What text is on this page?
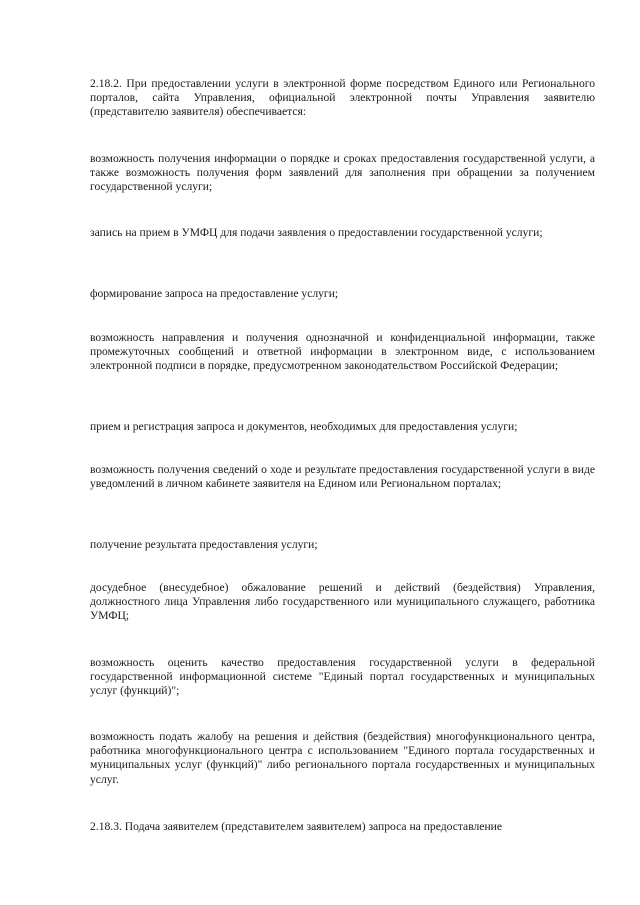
2.18.2. При предоставлении услуги в электронной форме посредством Единого или Регионального порталов, сайта Управления, официальной электронной почты Управления заявителю (представителю заявителя) обеспечивается:

возможность получения информации о порядке и сроках предоставления государственной услуги, а также возможность получения форм заявлений для заполнения при обращении за получением государственной услуги;

запись на прием в УМФЦ для подачи заявления о предоставлении государственной услуги;

формирование запроса на предоставление услуги;

возможность направления и получения однозначной и конфиденциальной информации, также промежуточных сообщений и ответной информации в электронном виде, с использованием электронной подписи в порядке, предусмотренном законодательством Российской Федерации;

прием и регистрация запроса и документов, необходимых для предоставления услуги;

возможность получения сведений о ходе и результате предоставления государственной услуги в виде уведомлений в личном кабинете заявителя на Едином или Региональном порталах;

получение результата предоставления услуги;

досудебное (внесудебное) обжалование решений и действий (бездействия) Управления, должностного лица Управления либо государственного или муниципального служащего, работника УМФЦ;

возможность оценить качество предоставления государственной услуги в федеральной государственной информационной системе "Единый портал государственных и муниципальных услуг (функций)";

возможность подать жалобу на решения и действия (бездействия) многофункционального центра, работника многофункционального центра с использованием "Единого портала государственных и муниципальных услуг (функций)" либо регионального портала государственных и муниципальных услуг.

2.18.3. Подача заявителем (представителем заявителем) запроса на предоставление
